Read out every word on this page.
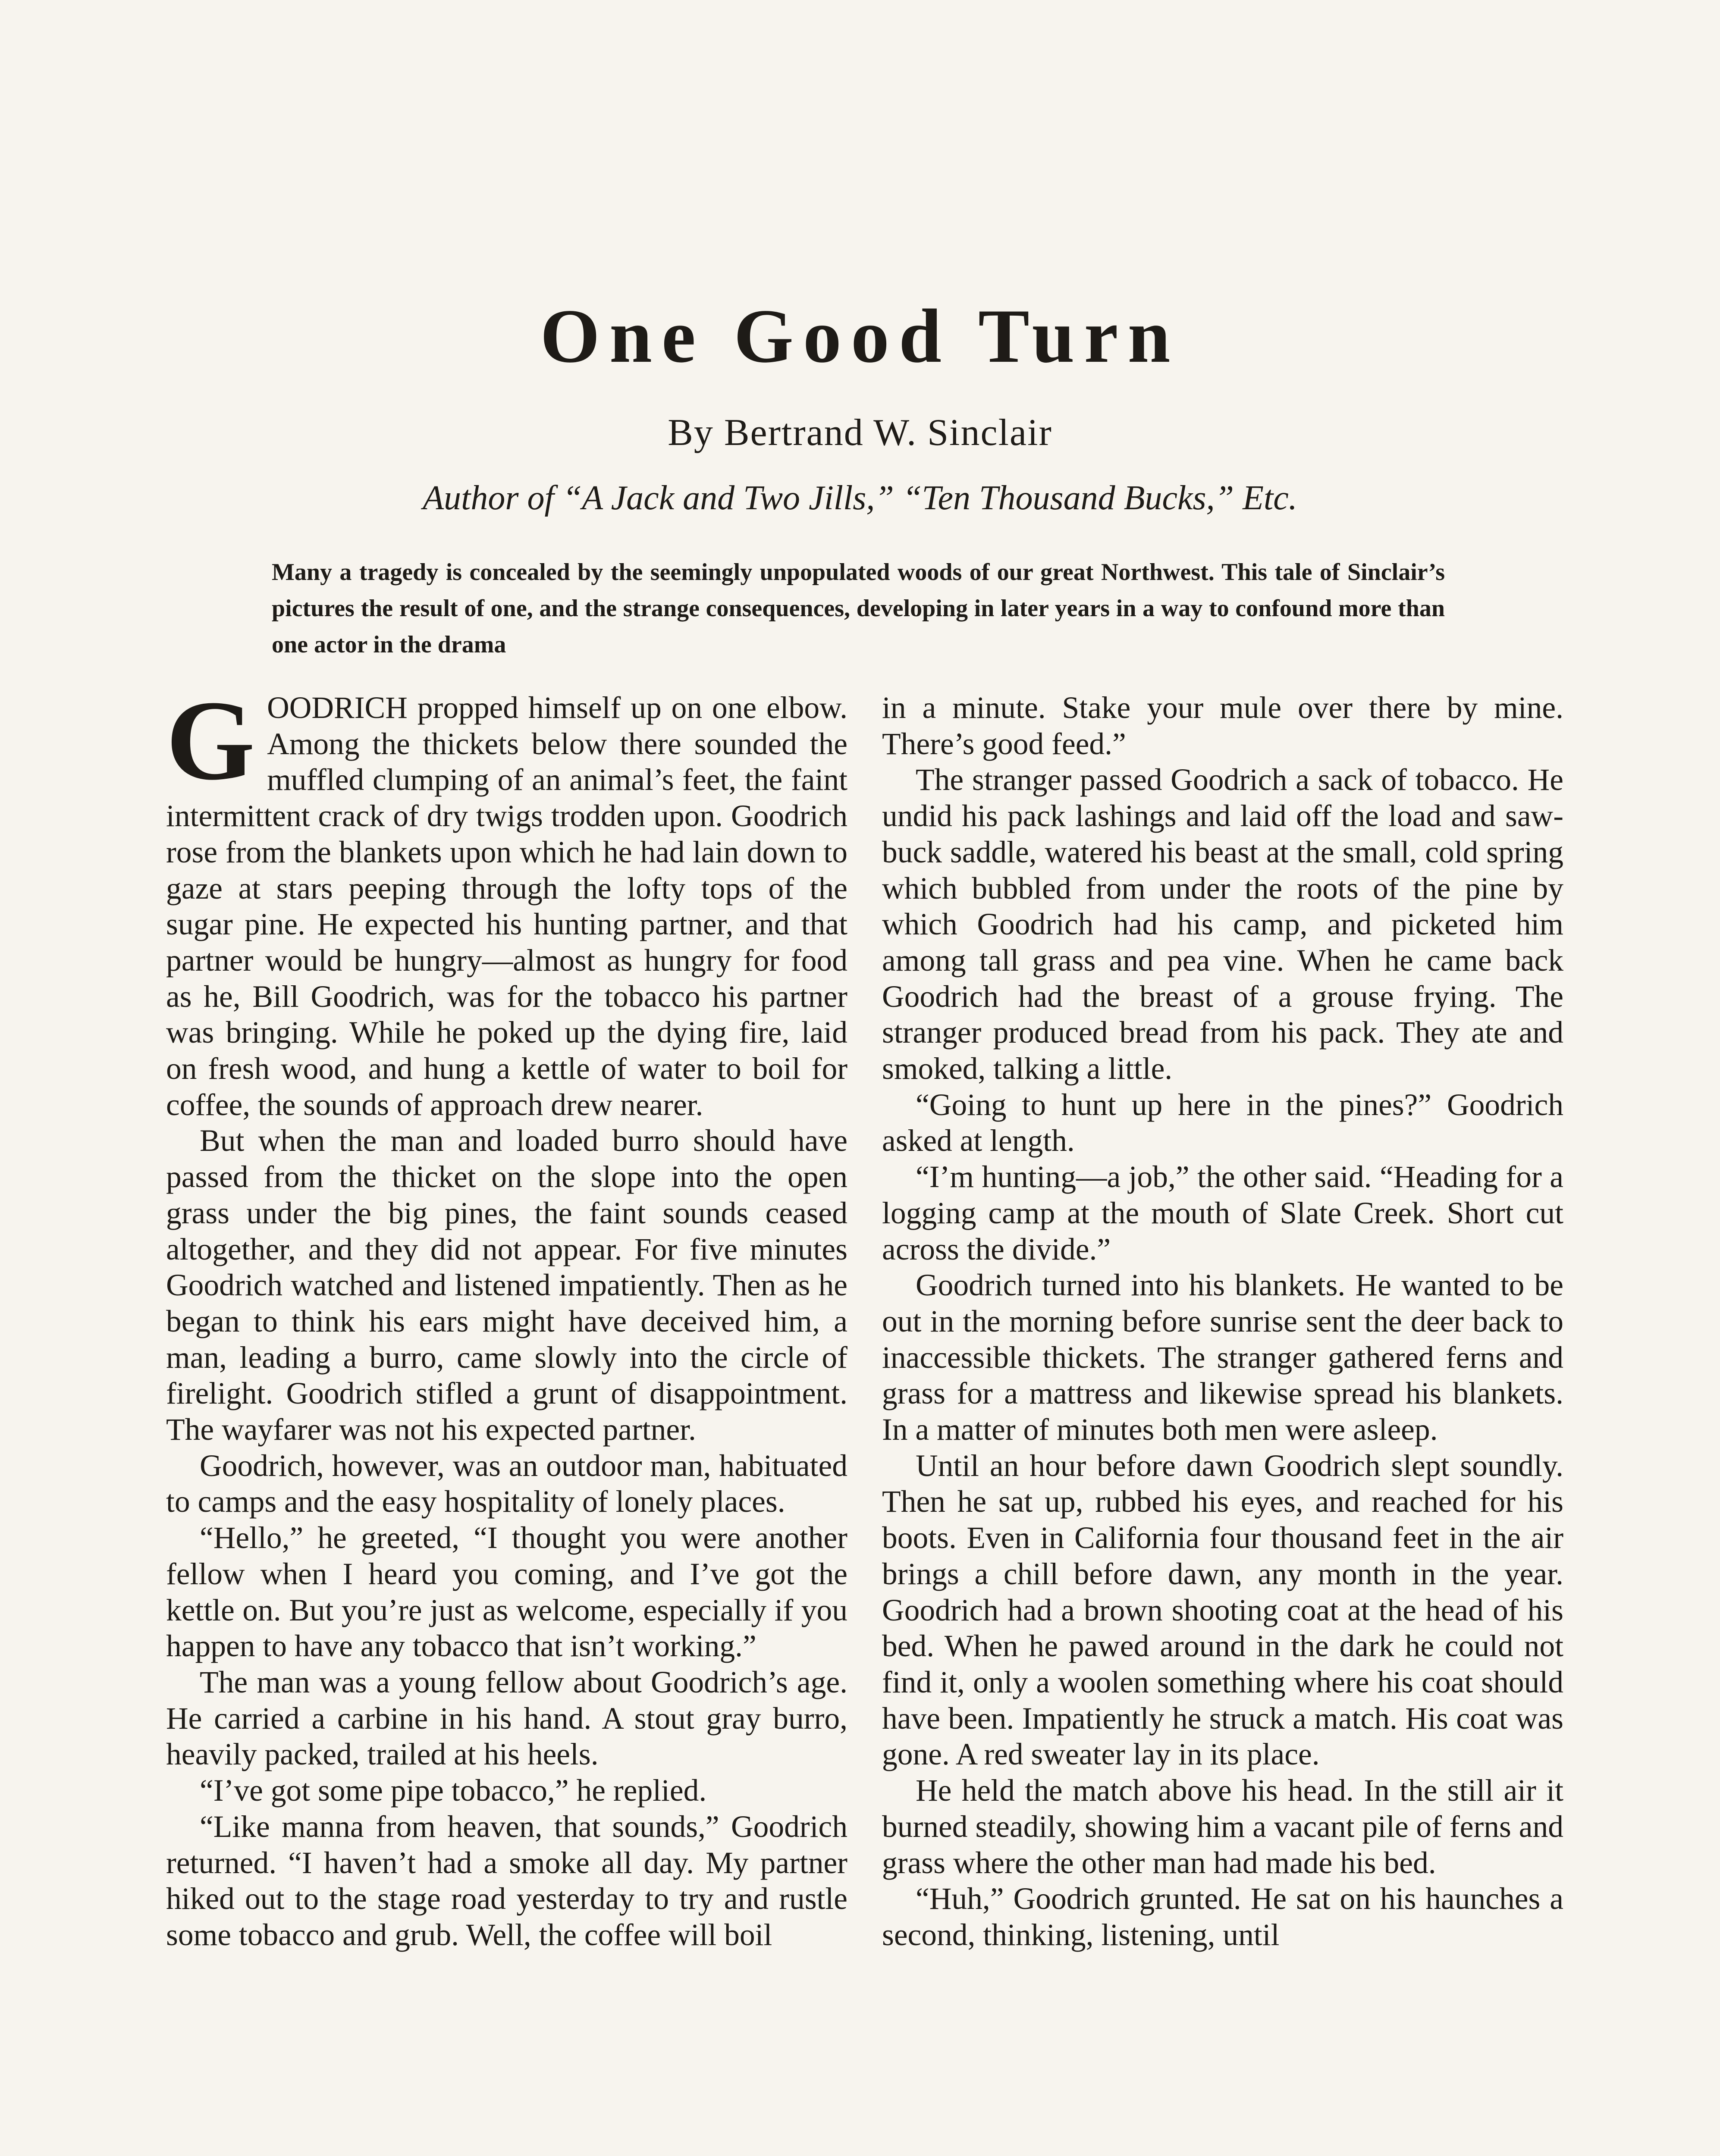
One Good Turn

By Bertrand W. Sinclair

Author of “A Jack and Two Jills,” “Ten Thousand Bucks,” Etc.

Many a tragedy is concealed by the seemingly unpopulated woods of our great Northwest. This tale of Sinclair’s pictures the result of one, and the strange consequences, developing in later years in a way to confound more than one actor in the drama

GOODRICH propped himself up on one elbow. Among the thickets below there sounded the muffled clumping of an animal’s feet, the faint intermittent crack of dry twigs trodden upon. Goodrich rose from the blankets upon which he had lain down to gaze at stars peeping through the lofty tops of the sugar pine. He expected his hunting partner, and that partner would be hungry—almost as hungry for food as he, Bill Goodrich, was for the tobacco his partner was bringing. While he poked up the dying fire, laid on fresh wood, and hung a kettle of water to boil for coffee, the sounds of approach drew nearer.

But when the man and loaded burro should have passed from the thicket on the slope into the open grass under the big pines, the faint sounds ceased altogether, and they did not appear. For five minutes Goodrich watched and listened impatiently. Then as he began to think his ears might have deceived him, a man, leading a burro, came slowly into the circle of firelight. Goodrich stifled a grunt of disappointment. The wayfarer was not his expected partner.

Goodrich, however, was an outdoor man, habituated to camps and the easy hospitality of lonely places.

“Hello,” he greeted, “I thought you were another fellow when I heard you coming, and I’ve got the kettle on. But you’re just as welcome, especially if you happen to have any tobacco that isn’t working.”

The man was a young fellow about Goodrich’s age. He carried a carbine in his hand. A stout gray burro, heavily packed, trailed at his heels.

“I’ve got some pipe tobacco,” he replied.

“Like manna from heaven, that sounds,” Goodrich returned. “I haven’t had a smoke all day. My partner hiked out to the stage road yesterday to try and rustle some tobacco and grub. Well, the coffee will boil

in a minute. Stake your mule over there by mine. There’s good feed.”

The stranger passed Goodrich a sack of tobacco. He undid his pack lashings and laid off the load and saw-buck saddle, watered his beast at the small, cold spring which bubbled from under the roots of the pine by which Goodrich had his camp, and picketed him among tall grass and pea vine. When he came back Goodrich had the breast of a grouse frying. The stranger produced bread from his pack. They ate and smoked, talking a little.

“Going to hunt up here in the pines?” Goodrich asked at length.

“I’m hunting—a job,” the other said. “Heading for a logging camp at the mouth of Slate Creek. Short cut across the divide.”

Goodrich turned into his blankets. He wanted to be out in the morning before sunrise sent the deer back to inaccessible thickets. The stranger gathered ferns and grass for a mattress and likewise spread his blankets. In a matter of minutes both men were asleep.

Until an hour before dawn Goodrich slept soundly. Then he sat up, rubbed his eyes, and reached for his boots. Even in California four thousand feet in the air brings a chill before dawn, any month in the year. Goodrich had a brown shooting coat at the head of his bed. When he pawed around in the dark he could not find it, only a woolen something where his coat should have been. Impatiently he struck a match. His coat was gone. A red sweater lay in its place.

He held the match above his head. In the still air it burned steadily, showing him a vacant pile of ferns and grass where the other man had made his bed.

“Huh,” Goodrich grunted. He sat on his haunches a second, thinking, listening, until
